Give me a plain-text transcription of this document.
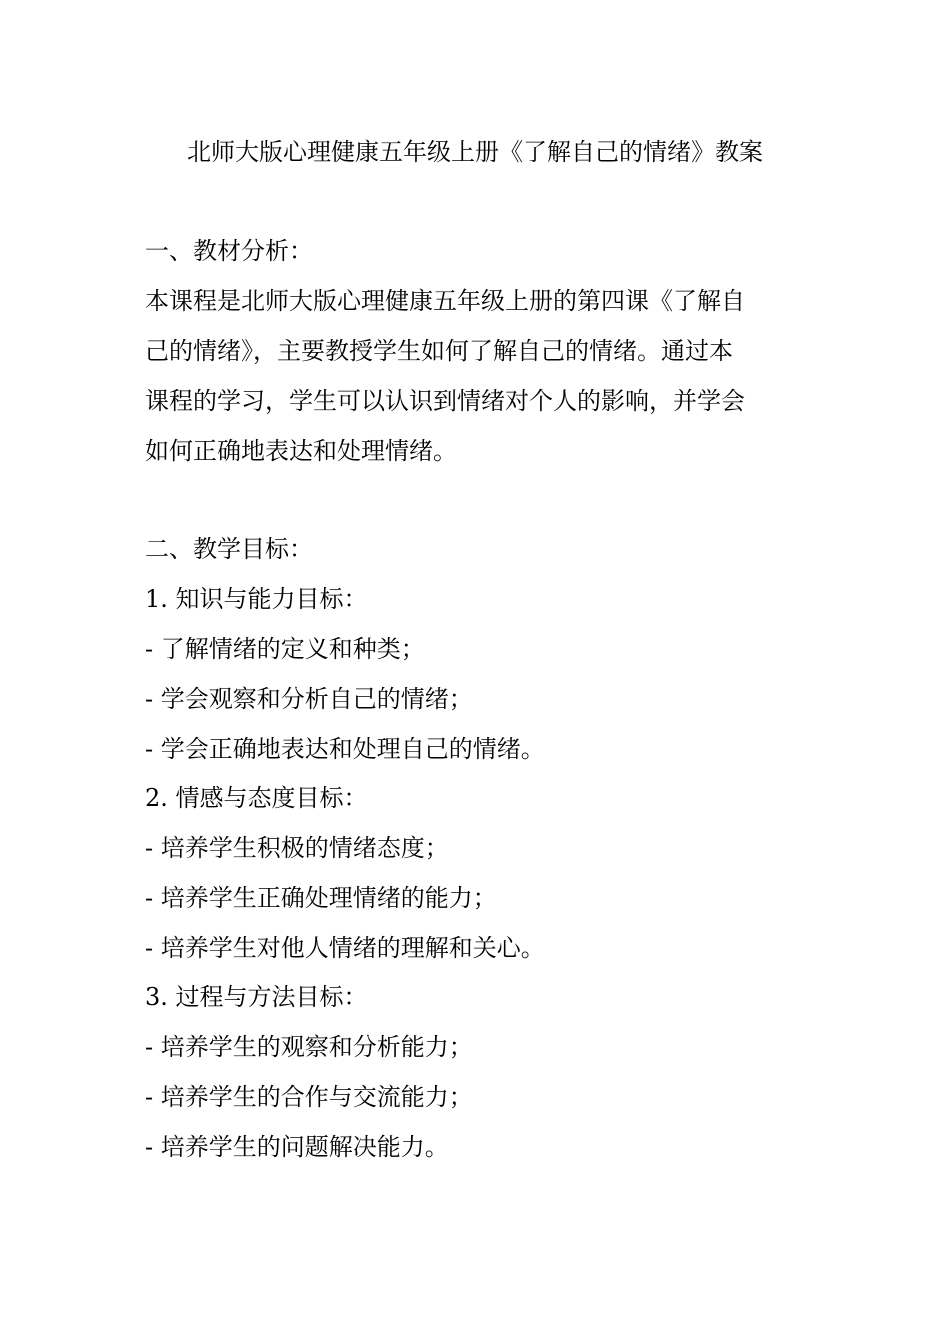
北师大版心理健康五年级上册《了解自己的情绪》教案
一、教材分析：
本课程是北师大版心理健康五年级上册的第四课《了解自
己的情绪》，主要教授学生如何了解自己的情绪。通过本
课程的学习，学生可以认识到情绪对个人的影响，并学会
如何正确地表达和处理情绪。
二、教学目标：
1. 知识与能力目标：
- 了解情绪的定义和种类；
- 学会观察和分析自己的情绪；
- 学会正确地表达和处理自己的情绪。
2. 情感与态度目标：
- 培养学生积极的情绪态度；
- 培养学生正确处理情绪的能力；
- 培养学生对他人情绪的理解和关心。
3. 过程与方法目标：
- 培养学生的观察和分析能力；
- 培养学生的合作与交流能力；
- 培养学生的问题解决能力。
